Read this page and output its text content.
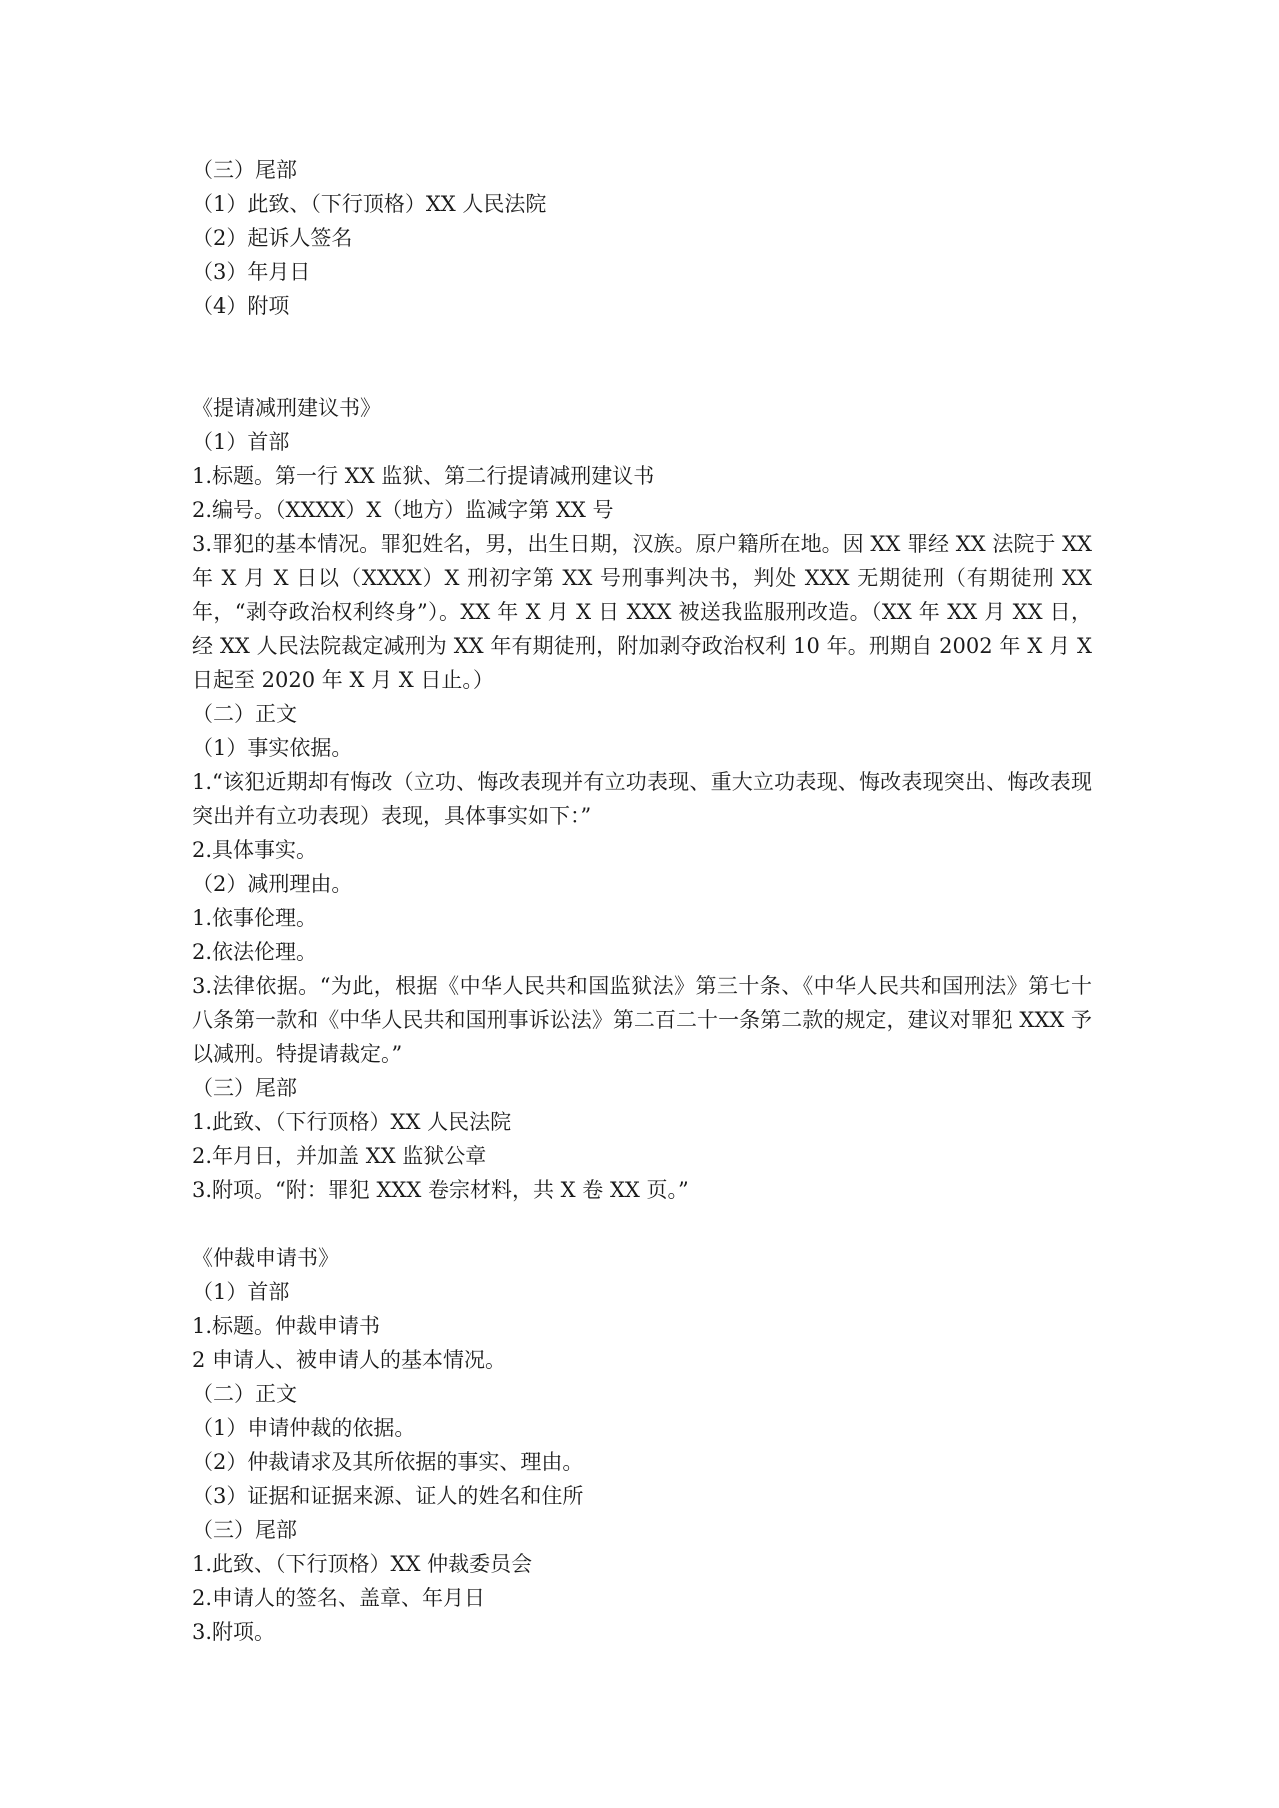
（三）尾部

（1）此致、（下行顶格）XX 人民法院

（2）起诉人签名

（3）年月日

（4）附项

《提请减刑建议书》

（1）首部

1.标题。第一行 XX 监狱、第二行提请减刑建议书

2.编号。（XXXX）X（地方）监减字第 XX 号

3.罪犯的基本情况。罪犯姓名，男，出生日期，汉族。原户籍所在地。因 XX 罪经 XX 法院于 XX 年 X 月 X 日以（XXXX）X 刑初字第 XX 号刑事判决书，判处 XXX 无期徒刑（有期徒刑 XX 年，“剥夺政治权利终身”）。XX 年 X 月 X 日 XXX 被送我监服刑改造。（XX 年 XX 月 XX 日，经 XX 人民法院裁定减刑为 XX 年有期徒刑，附加剥夺政治权利 10 年。刑期自 2002 年 X 月 X 日起至 2020 年 X 月 X 日止。）

（二）正文

（1）事实依据。

1.“该犯近期却有悔改（立功、悔改表现并有立功表现、重大立功表现、悔改表现突出、悔改表现突出并有立功表现）表现，具体事实如下：”

2.具体事实。

（2）减刑理由。

1.依事伦理。

2.依法伦理。

3.法律依据。“为此，根据《中华人民共和国监狱法》第三十条、《中华人民共和国刑法》第七十八条第一款和《中华人民共和国刑事诉讼法》第二百二十一条第二款的规定，建议对罪犯 XXX 予以减刑。特提请裁定。”

（三）尾部

1.此致、（下行顶格）XX 人民法院

2.年月日，并加盖 XX 监狱公章

3.附项。“附：罪犯 XXX 卷宗材料，共 X 卷 XX 页。”

《仲裁申请书》

（1）首部

1.标题。仲裁申请书

2 申请人、被申请人的基本情况。

（二）正文

（1）申请仲裁的依据。

（2）仲裁请求及其所依据的事实、理由。

（3）证据和证据来源、证人的姓名和住所

（三）尾部

1.此致、（下行顶格）XX 仲裁委员会

2.申请人的签名、盖章、年月日

3.附项。
